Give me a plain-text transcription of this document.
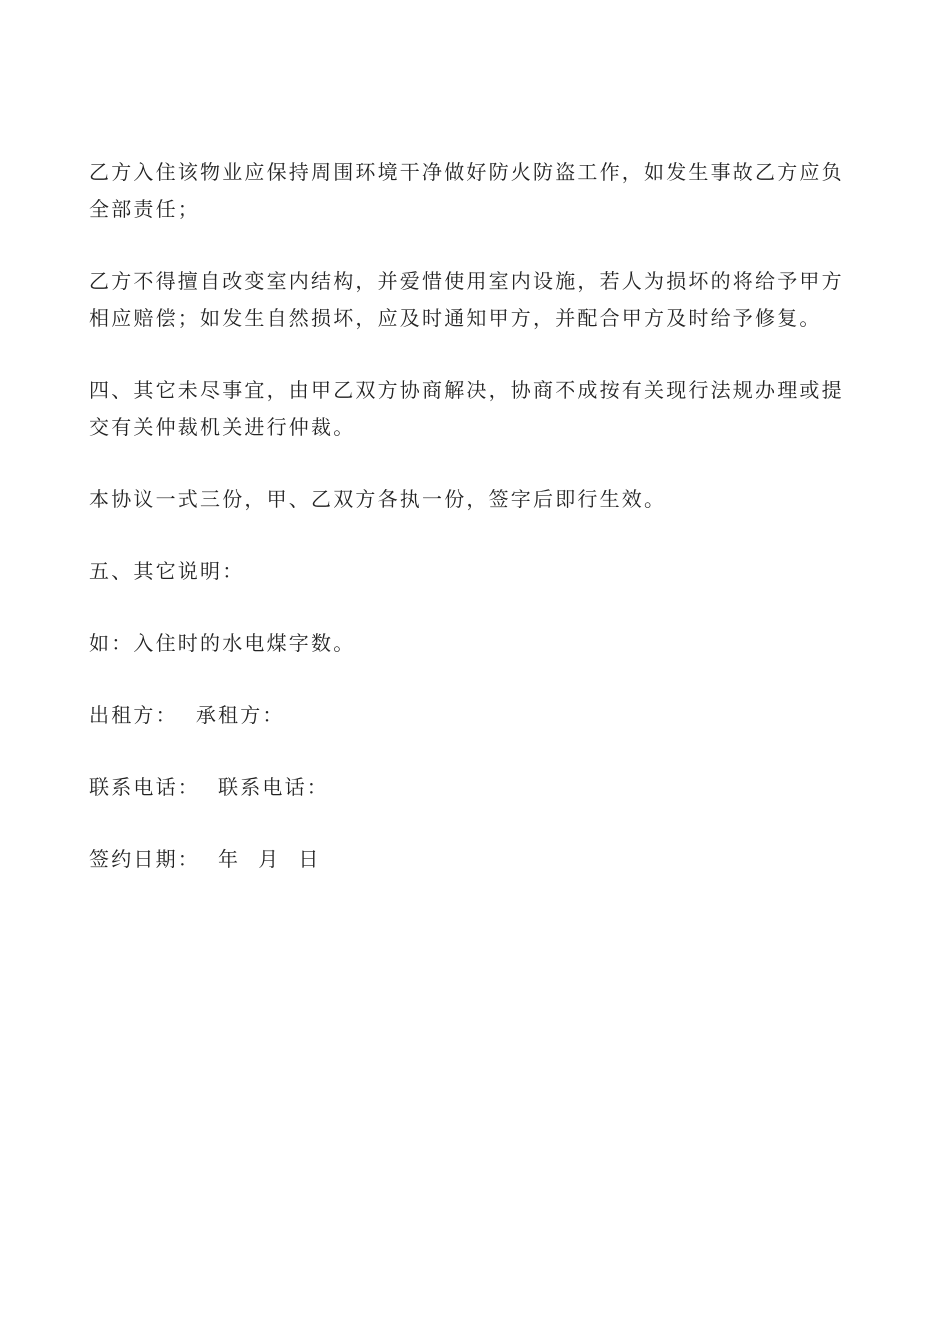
乙方入住该物业应保持周围环境干净做好防火防盗工作，如发生事故乙方应负
全部责任；

乙方不得擅自改变室内结构，并爱惜使用室内设施，若人为损坏的将给予甲方
相应赔偿；如发生自然损坏，应及时通知甲方，并配合甲方及时给予修复。

四、其它未尽事宜，由甲乙双方协商解决，协商不成按有关现行法规办理或提
交有关仲裁机关进行仲裁。

本协议一式三份，甲、乙双方各执一份，签字后即行生效。

五、其它说明：

如：入住时的水电煤字数。

出租方： 承租方：

联系电话： 联系电话：

签约日期： 年 月 日
